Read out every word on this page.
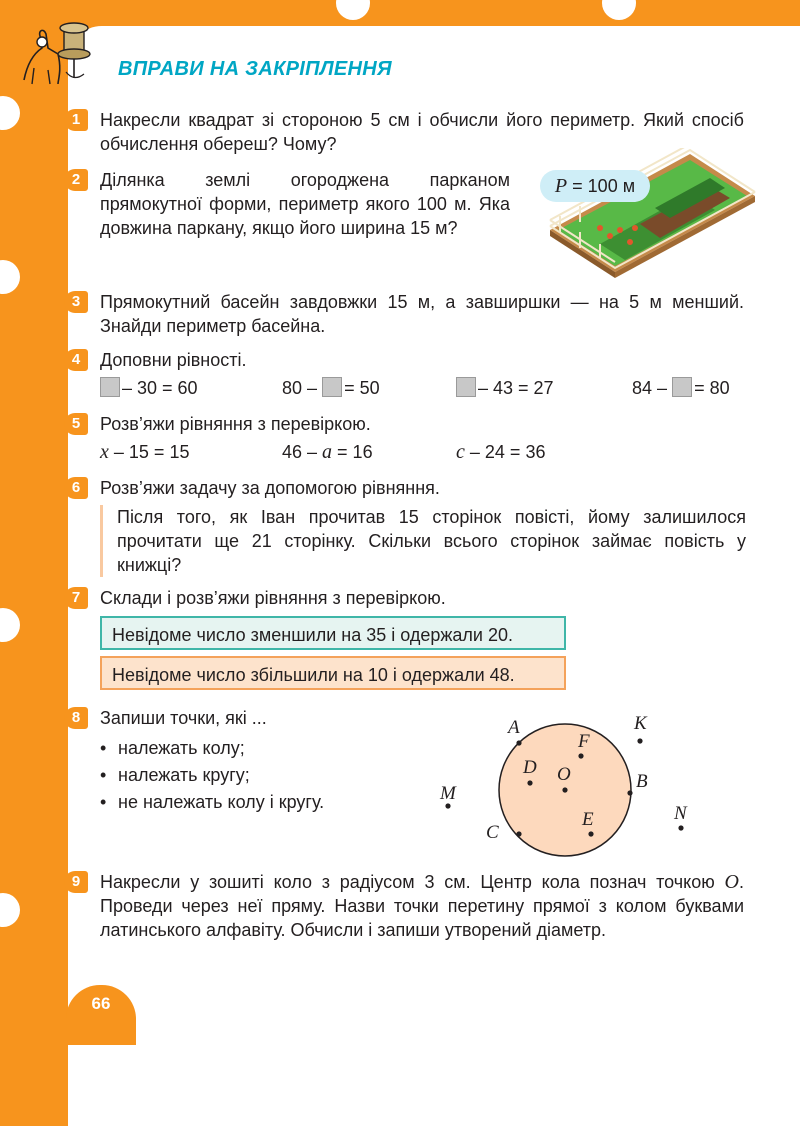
ВПРАВИ НА ЗАКРІПЛЕННЯ
1	Накресли квадрат зі стороною 5 см і обчисли його периметр. Який спосіб обчислення обереш? Чому?
2	Ділянка землі огороджена парканом прямокутної форми, периметр якого 100 м. Яка довжина паркану, якщо його ширина 15 м?
P = 100 м
3	Прямокутний басейн завдовжки 15 м, а завширшки — на 5 м менший. Знайди периметр басейна.
4	Доповни рівності.
– 30 = 60	80 – = 50	– 43 = 27	84 – = 80
5	Розв’яжи рівняння з перевіркою.
x – 15 = 15	46 – a = 16	c – 24 = 36
6	Розв’яжи задачу за допомогою рівняння.
Після того, як Іван прочитав 15 сторінок повісті, йому залишилося прочитати ще 21 сторінку. Скільки всього сторінок займає повість у книжці?
7	Склади і розв’яжи рівняння з перевіркою.
Невідоме число зменшили на 35 і одержали 20.
Невідоме число збільшили на 10 і одержали 48.
8	Запиши точки, які ...
• належать колу;
• належать кругу;
• не належать колу і кругу.
A	K
F
D O	B
M
E
C
N
9	Накресли у зошиті коло з радіусом 3 см. Центр кола познач точкою O. Проведи через неї пряму. Назви точки перетину прямої з колом буквами латинського алфавіту. Обчисли і запиши утворений діаметр.
66
